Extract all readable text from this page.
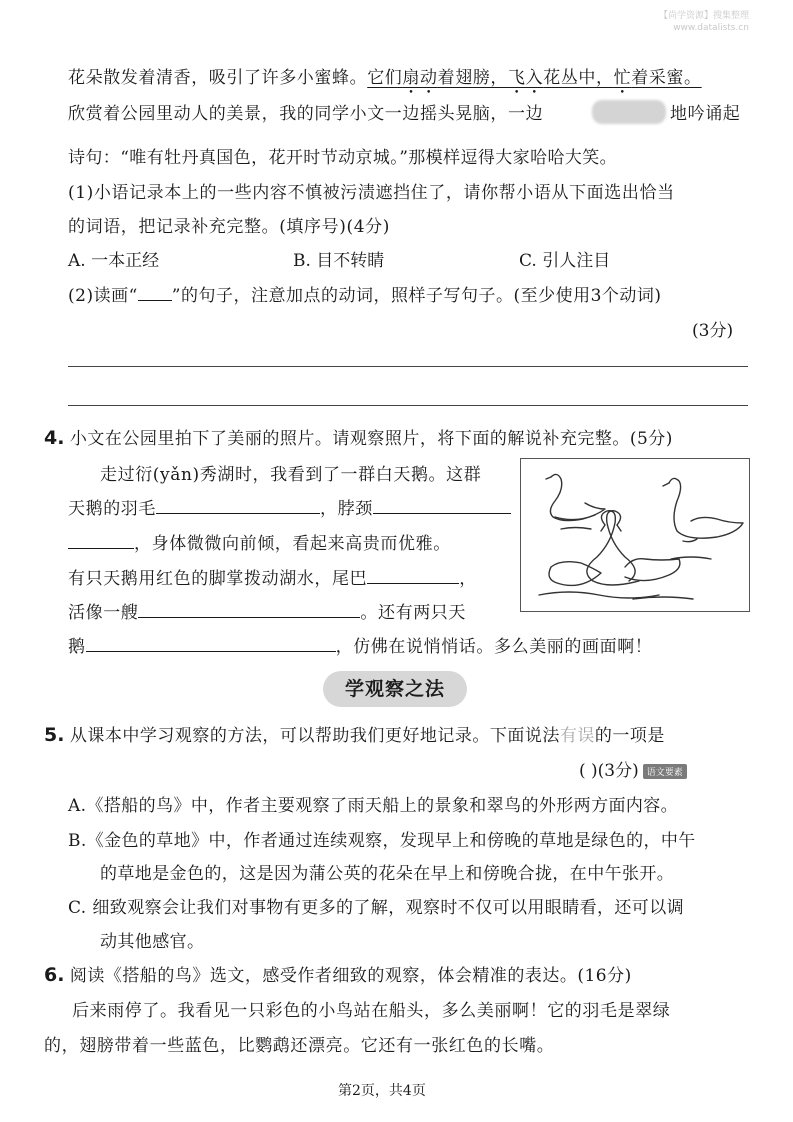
【尚学资源】搜集整理
www.datalists.cn
花朵散发着清香，吸引了许多小蜜蜂。它们扇动着翅膀，飞入花丛中，忙着采蜜。
欣赏着公园里动人的美景，我的同学小文一边摇头晃脑，一边	地吟诵起
诗句：“唯有牡丹真国色，花开时节动京城。”那模样逗得大家哈哈大笑。
(1)小语记录本上的一些内容不慎被污渍遮挡住了，请你帮小语从下面选出恰当
的词语，把记录补充完整。(填序号)(4分)
A. 一本正经	B. 目不转睛	C. 引人注目
(2)读画“ ”的句子，注意加点的动词，照样子写句子。(至少使用3个动词)
(3分)
4. 小文在公园里拍下了美丽的照片。请观察照片，将下面的解说补充完整。(5分)
走过衍(yǎn)秀湖时，我看到了一群白天鹅。这群
天鹅的羽毛	，脖颈
，身体微微向前倾，看起来高贵而优雅。
有只天鹅用红色的脚掌拨动湖水，尾巴	，
活像一艘	。还有两只天
鹅	，仿佛在说悄悄话。多么美丽的画面啊！
学观察之法
5. 从课本中学习观察的方法，可以帮助我们更好地记录。下面说法有误的一项是
( )(3分) 语文要素
A.《搭船的鸟》中，作者主要观察了雨天船上的景象和翠鸟的外形两方面内容。
B.《金色的草地》中，作者通过连续观察，发现早上和傍晚的草地是绿色的，中午
的草地是金色的，这是因为蒲公英的花朵在早上和傍晚合拢，在中午张开。
C. 细致观察会让我们对事物有更多的了解，观察时不仅可以用眼睛看，还可以调
动其他感官。
6. 阅读《搭船的鸟》选文，感受作者细致的观察，体会精准的表达。(16分)
后来雨停了。我看见一只彩色的小鸟站在船头，多么美丽啊！它的羽毛是翠绿
的，翅膀带着一些蓝色，比鹦鹉还漂亮。它还有一张红色的长嘴。
第2页，共4页
